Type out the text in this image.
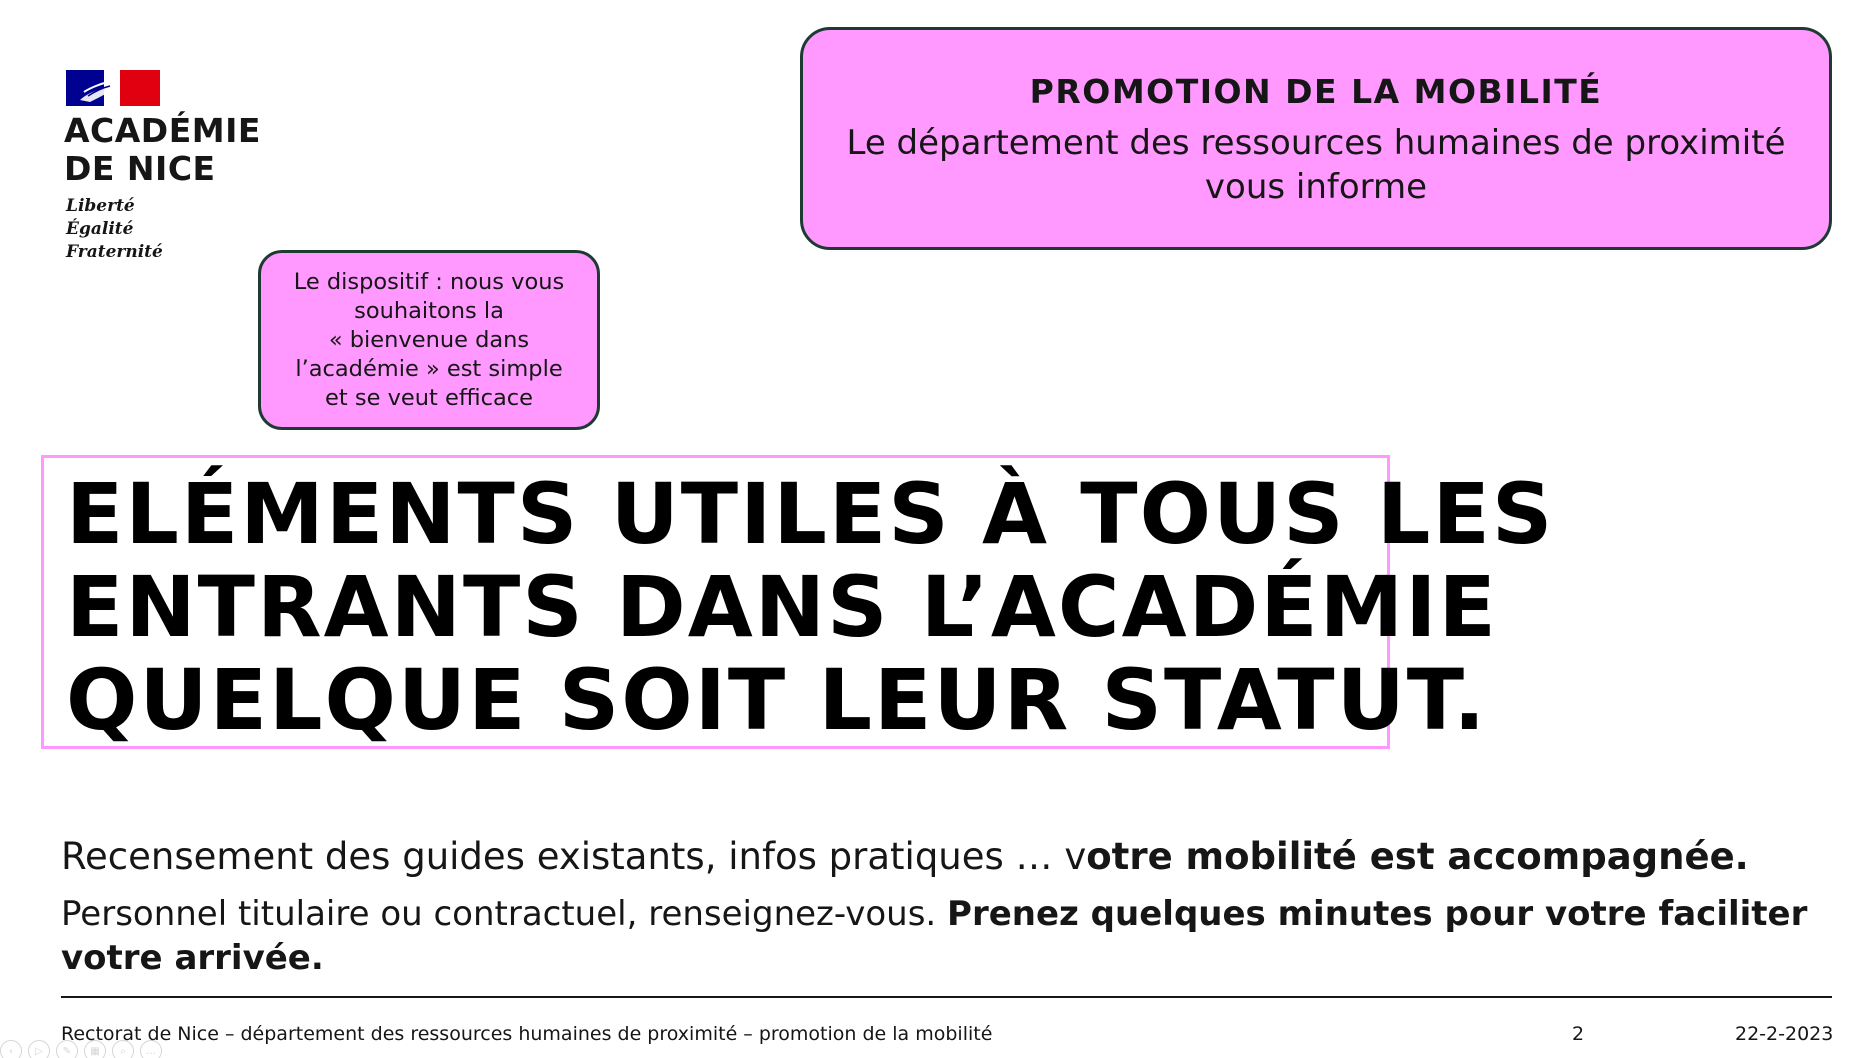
ACADÉMIE
DE NICE
Liberté
Égalité
Fraternité
PROMOTION DE LA MOBILITÉ
Le département des ressources humaines de proximité
vous informe
Le dispositif : nous vous
souhaitons la
« bienvenue dans
l’académie » est simple
et se veut efficace
ELÉMENTS UTILES À TOUS LES
ENTRANTS DANS L’ACADÉMIE
QUELQUE SOIT LEUR STATUT.
Recensement des guides existants, infos pratiques … votre mobilité est accompagnée.
Personnel titulaire ou contractuel, renseignez-vous. Prenez quelques minutes pour votre faciliter votre arrivée.
Rectorat de Nice – département des ressources humaines de proximité – promotion de la mobilité	2	22-2-2023
‹	▷	✎	▦	⌕	…
